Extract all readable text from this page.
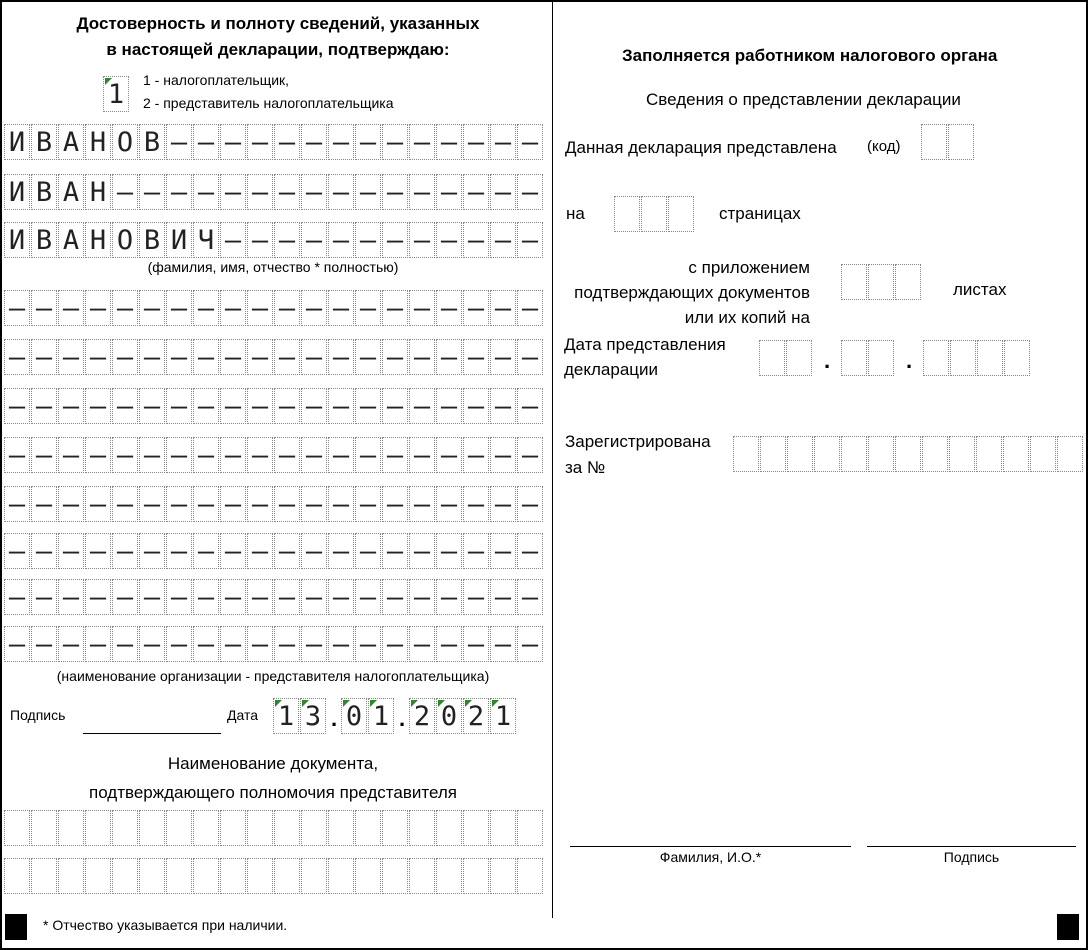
Достоверность и полноту сведений, указанных
в настоящей декларации, подтверждаю:
1	1 - налогоплательщик,
2 - представитель налогоплательщика
И В А Н О В – – – – – – – – – – – – – –
И В А Н – – – – – – – – – – – – – – – –
И В А Н О В И Ч – – – – – – – – – – – –
(фамилия, имя, отчество * полностью)
– – – – – – – – – – – – – – – – – – – –
– – – – – – – – – – – – – – – – – – – –
– – – – – – – – – – – – – – – – – – – –
– – – – – – – – – – – – – – – – – – – –
– – – – – – – – – – – – – – – – – – – –
– – – – – – – – – – – – – – – – – – – –
– – – – – – – – – – – – – – – – – – – –
– – – – – – – – – – – – – – – – – – – –
(наименование организации - представителя налогоплательщика)
Подпись	Дата 1 3 . 0 1 . 2 0 2 1
Наименование документа,
подтверждающего полномочия представителя
* Отчество указывается при наличии.
Заполняется работником налогового органа
Сведения о представлении декларации
Данная декларация представлена (код)
на	страницах
с приложением
подтверждающих документов
или их копий на
листах
Дата представления
декларации	.	.
Зарегистрирована
за №
Фамилия, И.О.*	Подпись
